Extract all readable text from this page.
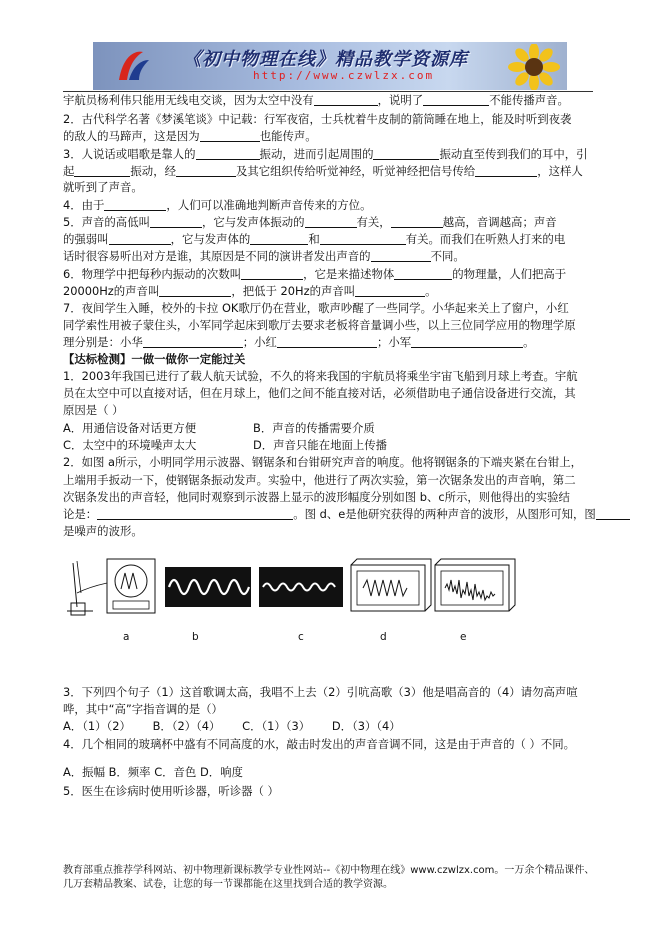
《初中物理在线》精品教学资源库
http://www.czwlzx.com
宇航员杨利伟只能用无线电交谈，因为太空中没有	，说明了	不能传播声音。
2．古代科学名著《梦溪笔谈》中记载：行军夜宿，士兵枕着牛皮制的箭筒睡在地上，能及时听到夜袭
的敌人的马蹄声，这是因为	也能传声。
3．人说话或唱歌是靠人的	振动，进而引起周围的	振动直至传到我们的耳中，引
起	振动，经	及其它组织传给听觉神经，听觉神经把信号传给	，这样人
就听到了声音。
4．由于	，人们可以准确地判断声音传来的方位。
5．声音的高低叫	，它与发声体振动的	有关，	越高，音调越高；声音
的强弱叫	，它与发声体的	和	有关。而我们在听熟人打来的电
话时很容易听出对方是谁，其原因是不同的演讲者发出声音的	不同。
6．物理学中把每秒内振动的次数叫	，它是来描述物体	的物理量，人们把高于
20000Hz的声音叫	，把低于 20Hz的声音叫	。
7．夜间学生入睡，校外的卡拉 OK歌厅仍在营业，歌声吵醒了一些同学。小华起来关上了窗户，小红
同学索性用被子蒙住头，小军同学起床到歌厅去要求老板将音量调小些，以上三位同学应用的物理学原
理分别是：小华	；小红	；小军	。
【达标检测】一做一做你一定能过关
1．2003年我国已进行了载人航天试验，不久的将来我国的宇航员将乘坐宇宙飞船到月球上考查。宇航
员在太空中可以直接对话，但在月球上，他们之间不能直接对话，必须借助电子通信设备进行交流，其
原因是（ ）
A．用通信设备对话更方便	B．声音的传播需要介质
C．太空中的环境噪声太大	D．声音只能在地面上传播
2．如图 a所示，小明同学用示波器、钢锯条和台钳研究声音的响度。他将钢锯条的下端夹紧在台钳上，
上端用手扳动一下，使钢锯条振动发声。实验中，他进行了两次实验，第一次锯条发出的声音响，第二
次锯条发出的声音轻，他同时观察到示波器上显示的波形幅度分别如图 b、c所示，则他得出的实验结
论是：	。图 d、e是他研究获得的两种声音的波形，从图形可知，图
是噪声的波形。
a	b	c	d	e
3．下列四个句子（1）这首歌调太高，我唱不上去（2）引吭高歌（3）他是唱高音的（4）请勿高声喧
哗，其中“高”字指音调的是（）
A．（1）（2）      B．（2）（4）      C．（1）（3）      D．（3）（4）
4．几个相同的玻璃杯中盛有不同高度的水，敲击时发出的声音音调不同，这是由于声音的（ ）不同。
A．振幅 B．频率 C．音色 D．响度
5．医生在诊病时使用听诊器，听诊器（ ）
教育部重点推荐学科网站、初中物理新课标教学专业性网站--《初中物理在线》www.czwlzx.com。一万余个精品课件、
几万套精品教案、试卷，让您的每一节课都能在这里找到合适的教学资源。
